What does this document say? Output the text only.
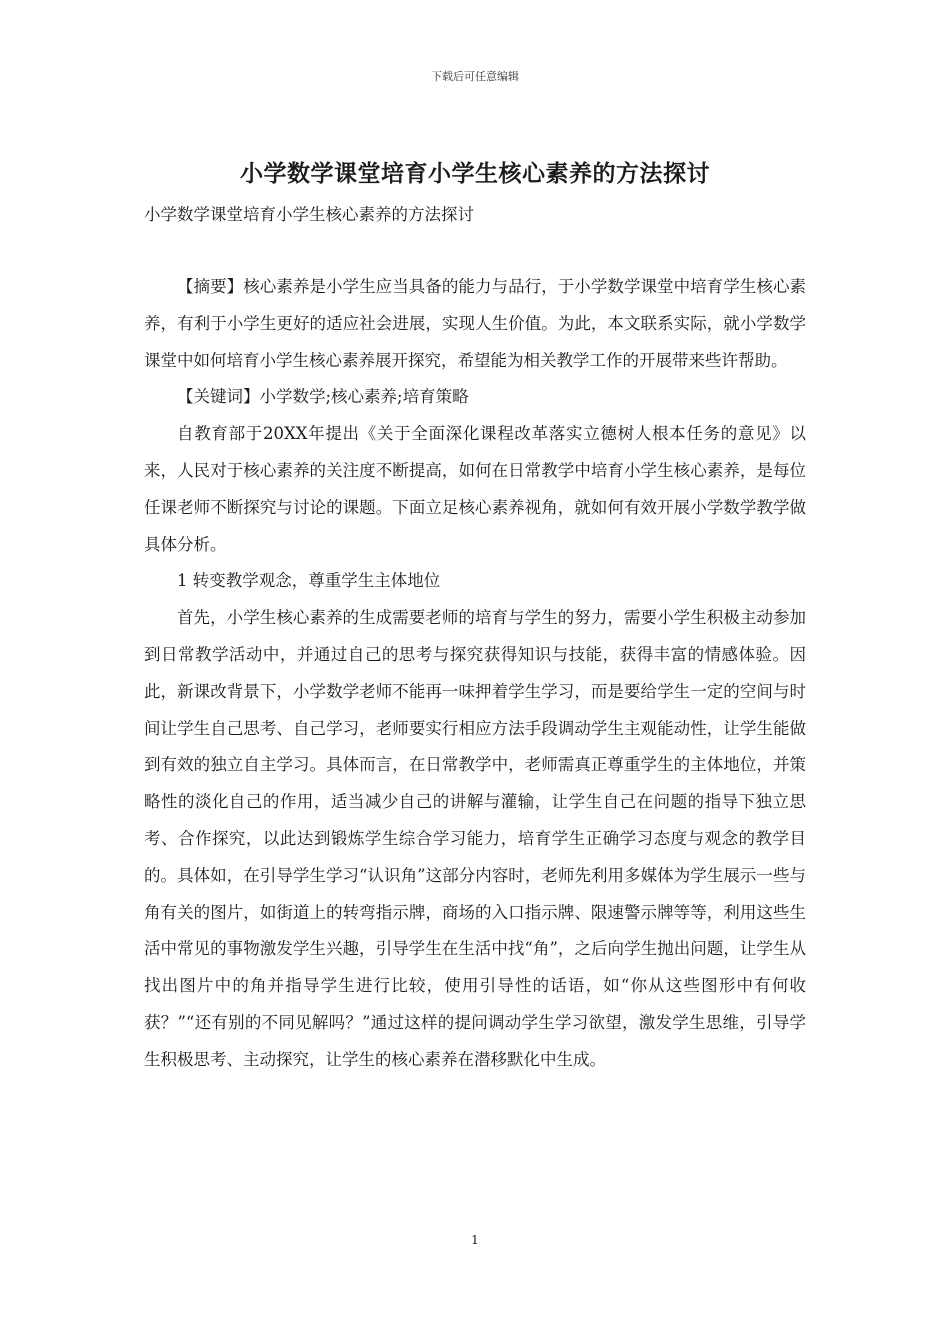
下载后可任意编辑
小学数学课堂培育小学生核心素养的方法探讨
小学数学课堂培育小学生核心素养的方法探讨

【摘要】核心素养是小学生应当具备的能力与品行，于小学数学课堂中培育学生核心素养，有利于小学生更好的适应社会进展，实现人生价值。为此，本文联系实际，就小学数学课堂中如何培育小学生核心素养展开探究，希望能为相关教学工作的开展带来些许帮助。

【关键词】小学数学;核心素养;培育策略

自教育部于20XX年提出《关于全面深化课程改革落实立德树人根本任务的意见》以来，人民对于核心素养的关注度不断提高，如何在日常教学中培育小学生核心素养，是每位任课老师不断探究与讨论的课题。下面立足核心素养视角，就如何有效开展小学数学教学做具体分析。

1 转变教学观念，尊重学生主体地位

首先，小学生核心素养的生成需要老师的培育与学生的努力，需要小学生积极主动参加到日常教学活动中，并通过自己的思考与探究获得知识与技能，获得丰富的情感体验。因此，新课改背景下，小学数学老师不能再一味押着学生学习，而是要给学生一定的空间与时间让学生自己思考、自己学习，老师要实行相应方法手段调动学生主观能动性，让学生能做到有效的独立自主学习。具体而言，在日常教学中，老师需真正尊重学生的主体地位，并策略性的淡化自己的作用，适当减少自己的讲解与灌输，让学生自己在问题的指导下独立思考、合作探究，以此达到锻炼学生综合学习能力，培育学生正确学习态度与观念的教学目的。具体如，在引导学生学习“认识角”这部分内容时，老师先利用多媒体为学生展示一些与角有关的图片，如街道上的转弯指示牌，商场的入口指示牌、限速警示牌等等，利用这些生活中常见的事物激发学生兴趣，引导学生在生活中找“角”，之后向学生抛出问题，让学生从找出图片中的角并指导学生进行比较，使用引导性的话语，如“你从这些图形中有何收获？”“还有别的不同见解吗？”通过这样的提问调动学生学习欲望，激发学生思维，引导学生积极思考、主动探究，让学生的核心素养在潜移默化中生成。

1
